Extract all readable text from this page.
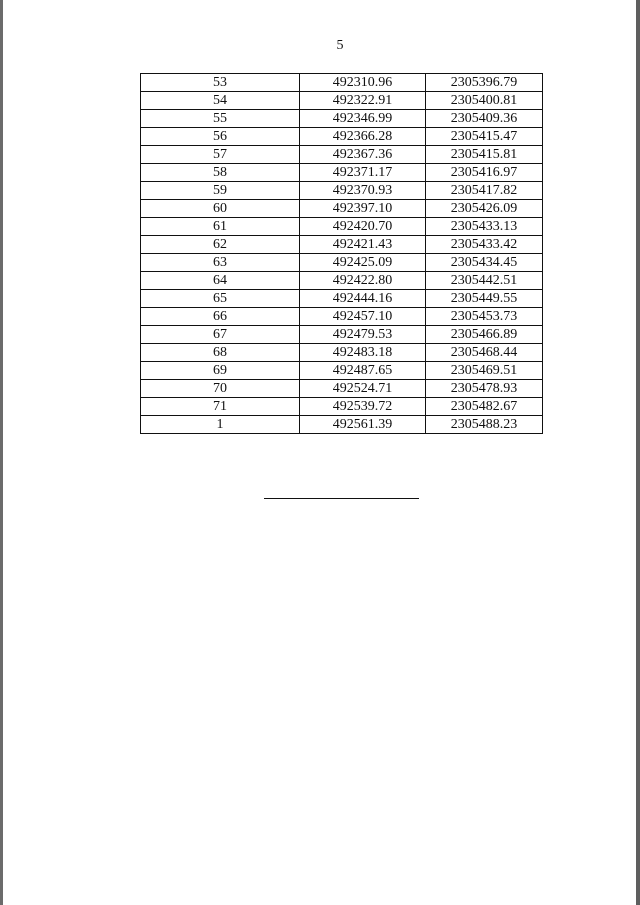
5
53	492310.96	2305396.79
54	492322.91	2305400.81
55	492346.99	2305409.36
56	492366.28	2305415.47
57	492367.36	2305415.81
58	492371.17	2305416.97
59	492370.93	2305417.82
60	492397.10	2305426.09
61	492420.70	2305433.13
62	492421.43	2305433.42
63	492425.09	2305434.45
64	492422.80	2305442.51
65	492444.16	2305449.55
66	492457.10	2305453.73
67	492479.53	2305466.89
68	492483.18	2305468.44
69	492487.65	2305469.51
70	492524.71	2305478.93
71	492539.72	2305482.67
1	492561.39	2305488.23
